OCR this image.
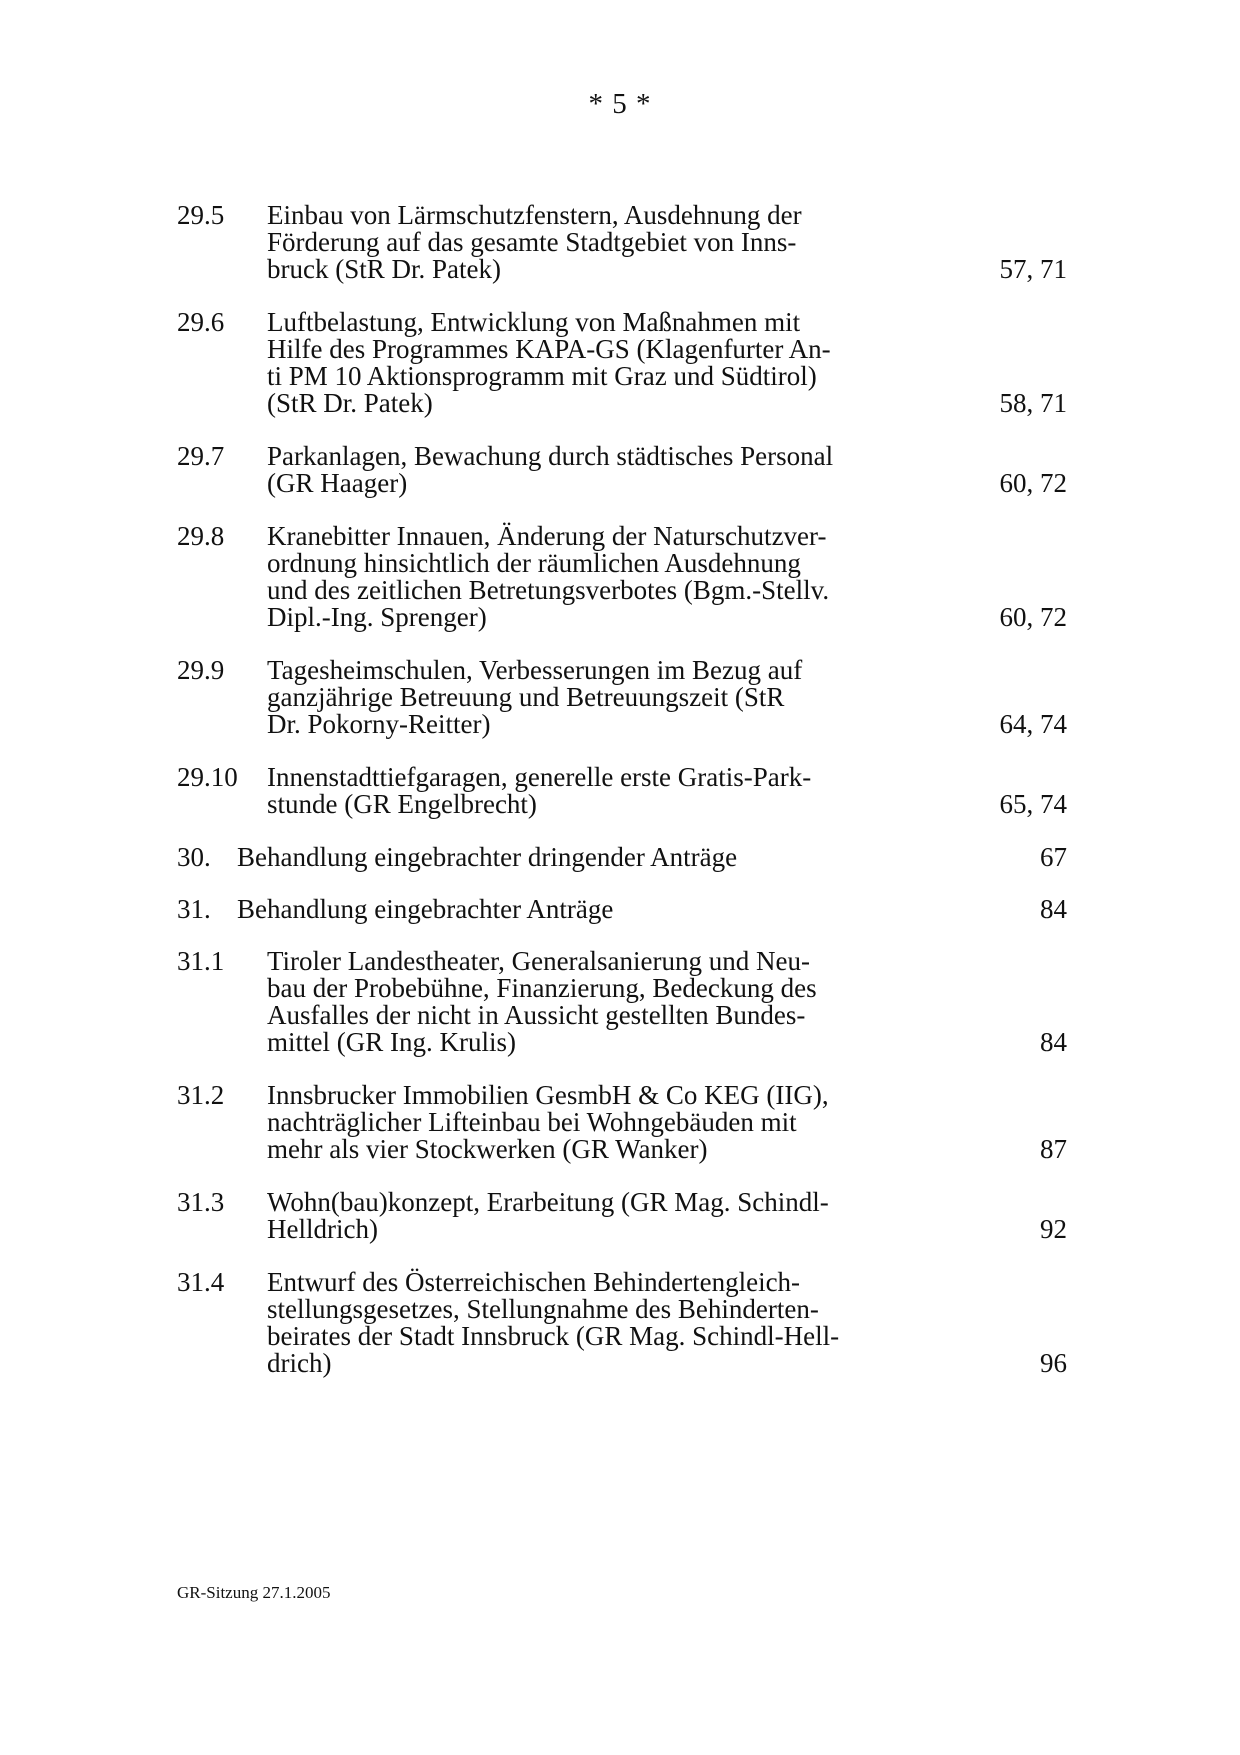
* 5 *
29.5 Einbau von Lärmschutzfenstern, Ausdehnung der
Förderung auf das gesamte Stadtgebiet von Inns-
bruck (StR Dr. Patek)	57, 71
29.6 Luftbelastung, Entwicklung von Maßnahmen mit
Hilfe des Programmes KAPA-GS (Klagenfurter An-
ti PM 10 Aktionsprogramm mit Graz und Südtirol)
(StR Dr. Patek)	58, 71
29.7 Parkanlagen, Bewachung durch städtisches Personal
(GR Haager)	60, 72
29.8 Kranebitter Innauen, Änderung der Naturschutzver-
ordnung hinsichtlich der räumlichen Ausdehnung
und des zeitlichen Betretungsverbotes (Bgm.-Stellv.
Dipl.-Ing. Sprenger)	60, 72
29.9 Tagesheimschulen, Verbesserungen im Bezug auf
ganzjährige Betreuung und Betreuungszeit (StR
Dr. Pokorny-Reitter)	64, 74
29.10 Innenstadttiefgaragen, generelle erste Gratis-Park-
stunde (GR Engelbrecht)	65, 74
30. Behandlung eingebrachter dringender Anträge	67
31. Behandlung eingebrachter Anträge	84
31.1 Tiroler Landestheater, Generalsanierung und Neu-
bau der Probebühne, Finanzierung, Bedeckung des
Ausfalles der nicht in Aussicht gestellten Bundes-
mittel (GR Ing. Krulis)	84
31.2 Innsbrucker Immobilien GesmbH & Co KEG (IIG),
nachträglicher Lifteinbau bei Wohngebäuden mit
mehr als vier Stockwerken (GR Wanker)	87
31.3 Wohn(bau)konzept, Erarbeitung (GR Mag. Schindl-
Helldrich)	92
31.4 Entwurf des Österreichischen Behindertengleich-
stellungsgesetzes, Stellungnahme des Behinderten-
beirates der Stadt Innsbruck (GR Mag. Schindl-Hell-
drich)	96
GR-Sitzung 27.1.2005
